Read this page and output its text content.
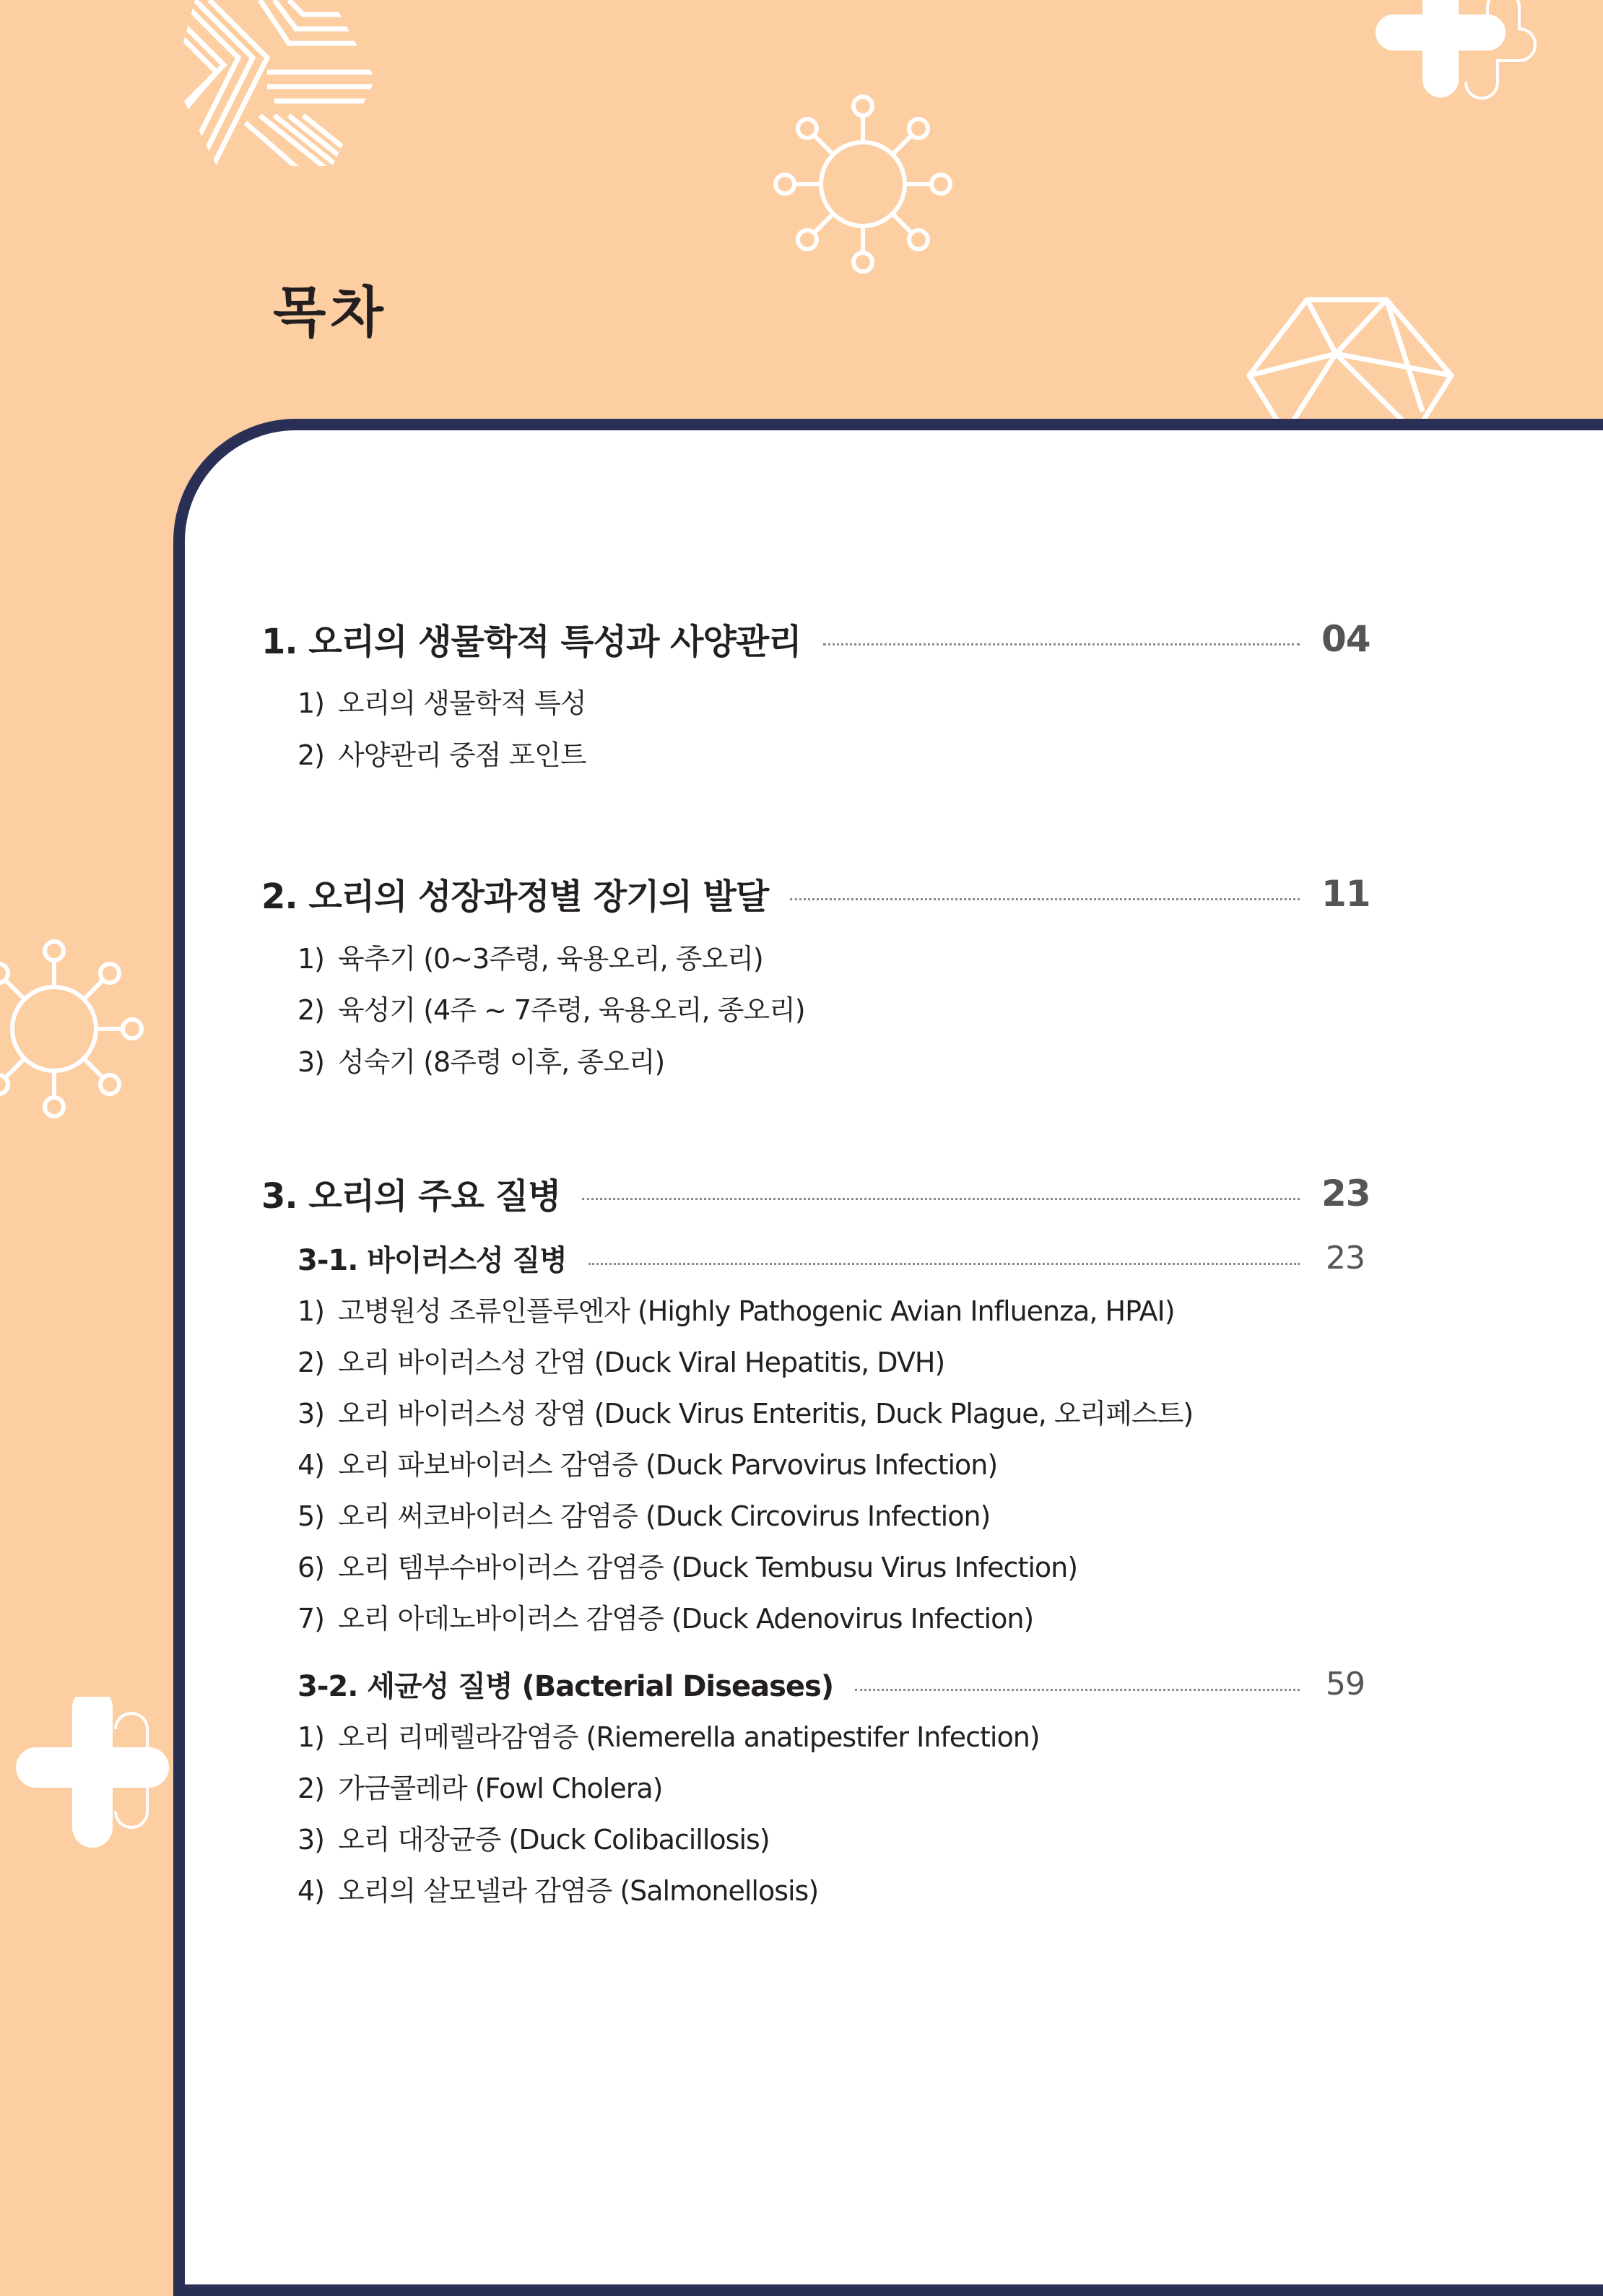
목차
1. 오리의 생물학적 특성과 사양관리	04
1) 오리의 생물학적 특성
2) 사양관리 중점 포인트
2. 오리의 성장과정별 장기의 발달	11
1) 육추기 (0~3주령, 육용오리, 종오리)
2) 육성기 (4주 ~ 7주령, 육용오리, 종오리)
3) 성숙기 (8주령 이후, 종오리)
3. 오리의 주요 질병	23
3-1. 바이러스성 질병	23
1) 고병원성 조류인플루엔자 (Highly Pathogenic Avian Influenza, HPAI)
2) 오리 바이러스성 간염 (Duck Viral Hepatitis, DVH)
3) 오리 바이러스성 장염 (Duck Virus Enteritis, Duck Plague, 오리페스트)
4) 오리 파보바이러스 감염증 (Duck Parvovirus Infection)
5) 오리 써코바이러스 감염증 (Duck Circovirus Infection)
6) 오리 템부수바이러스 감염증 (Duck Tembusu Virus Infection)
7) 오리 아데노바이러스 감염증 (Duck Adenovirus Infection)
3-2. 세균성 질병 (Bacterial Diseases)	59
1) 오리 리메렐라감염증 (Riemerella anatipestifer Infection)
2) 가금콜레라 (Fowl Cholera)
3) 오리 대장균증 (Duck Colibacillosis)
4) 오리의 살모넬라 감염증 (Salmonellosis)
